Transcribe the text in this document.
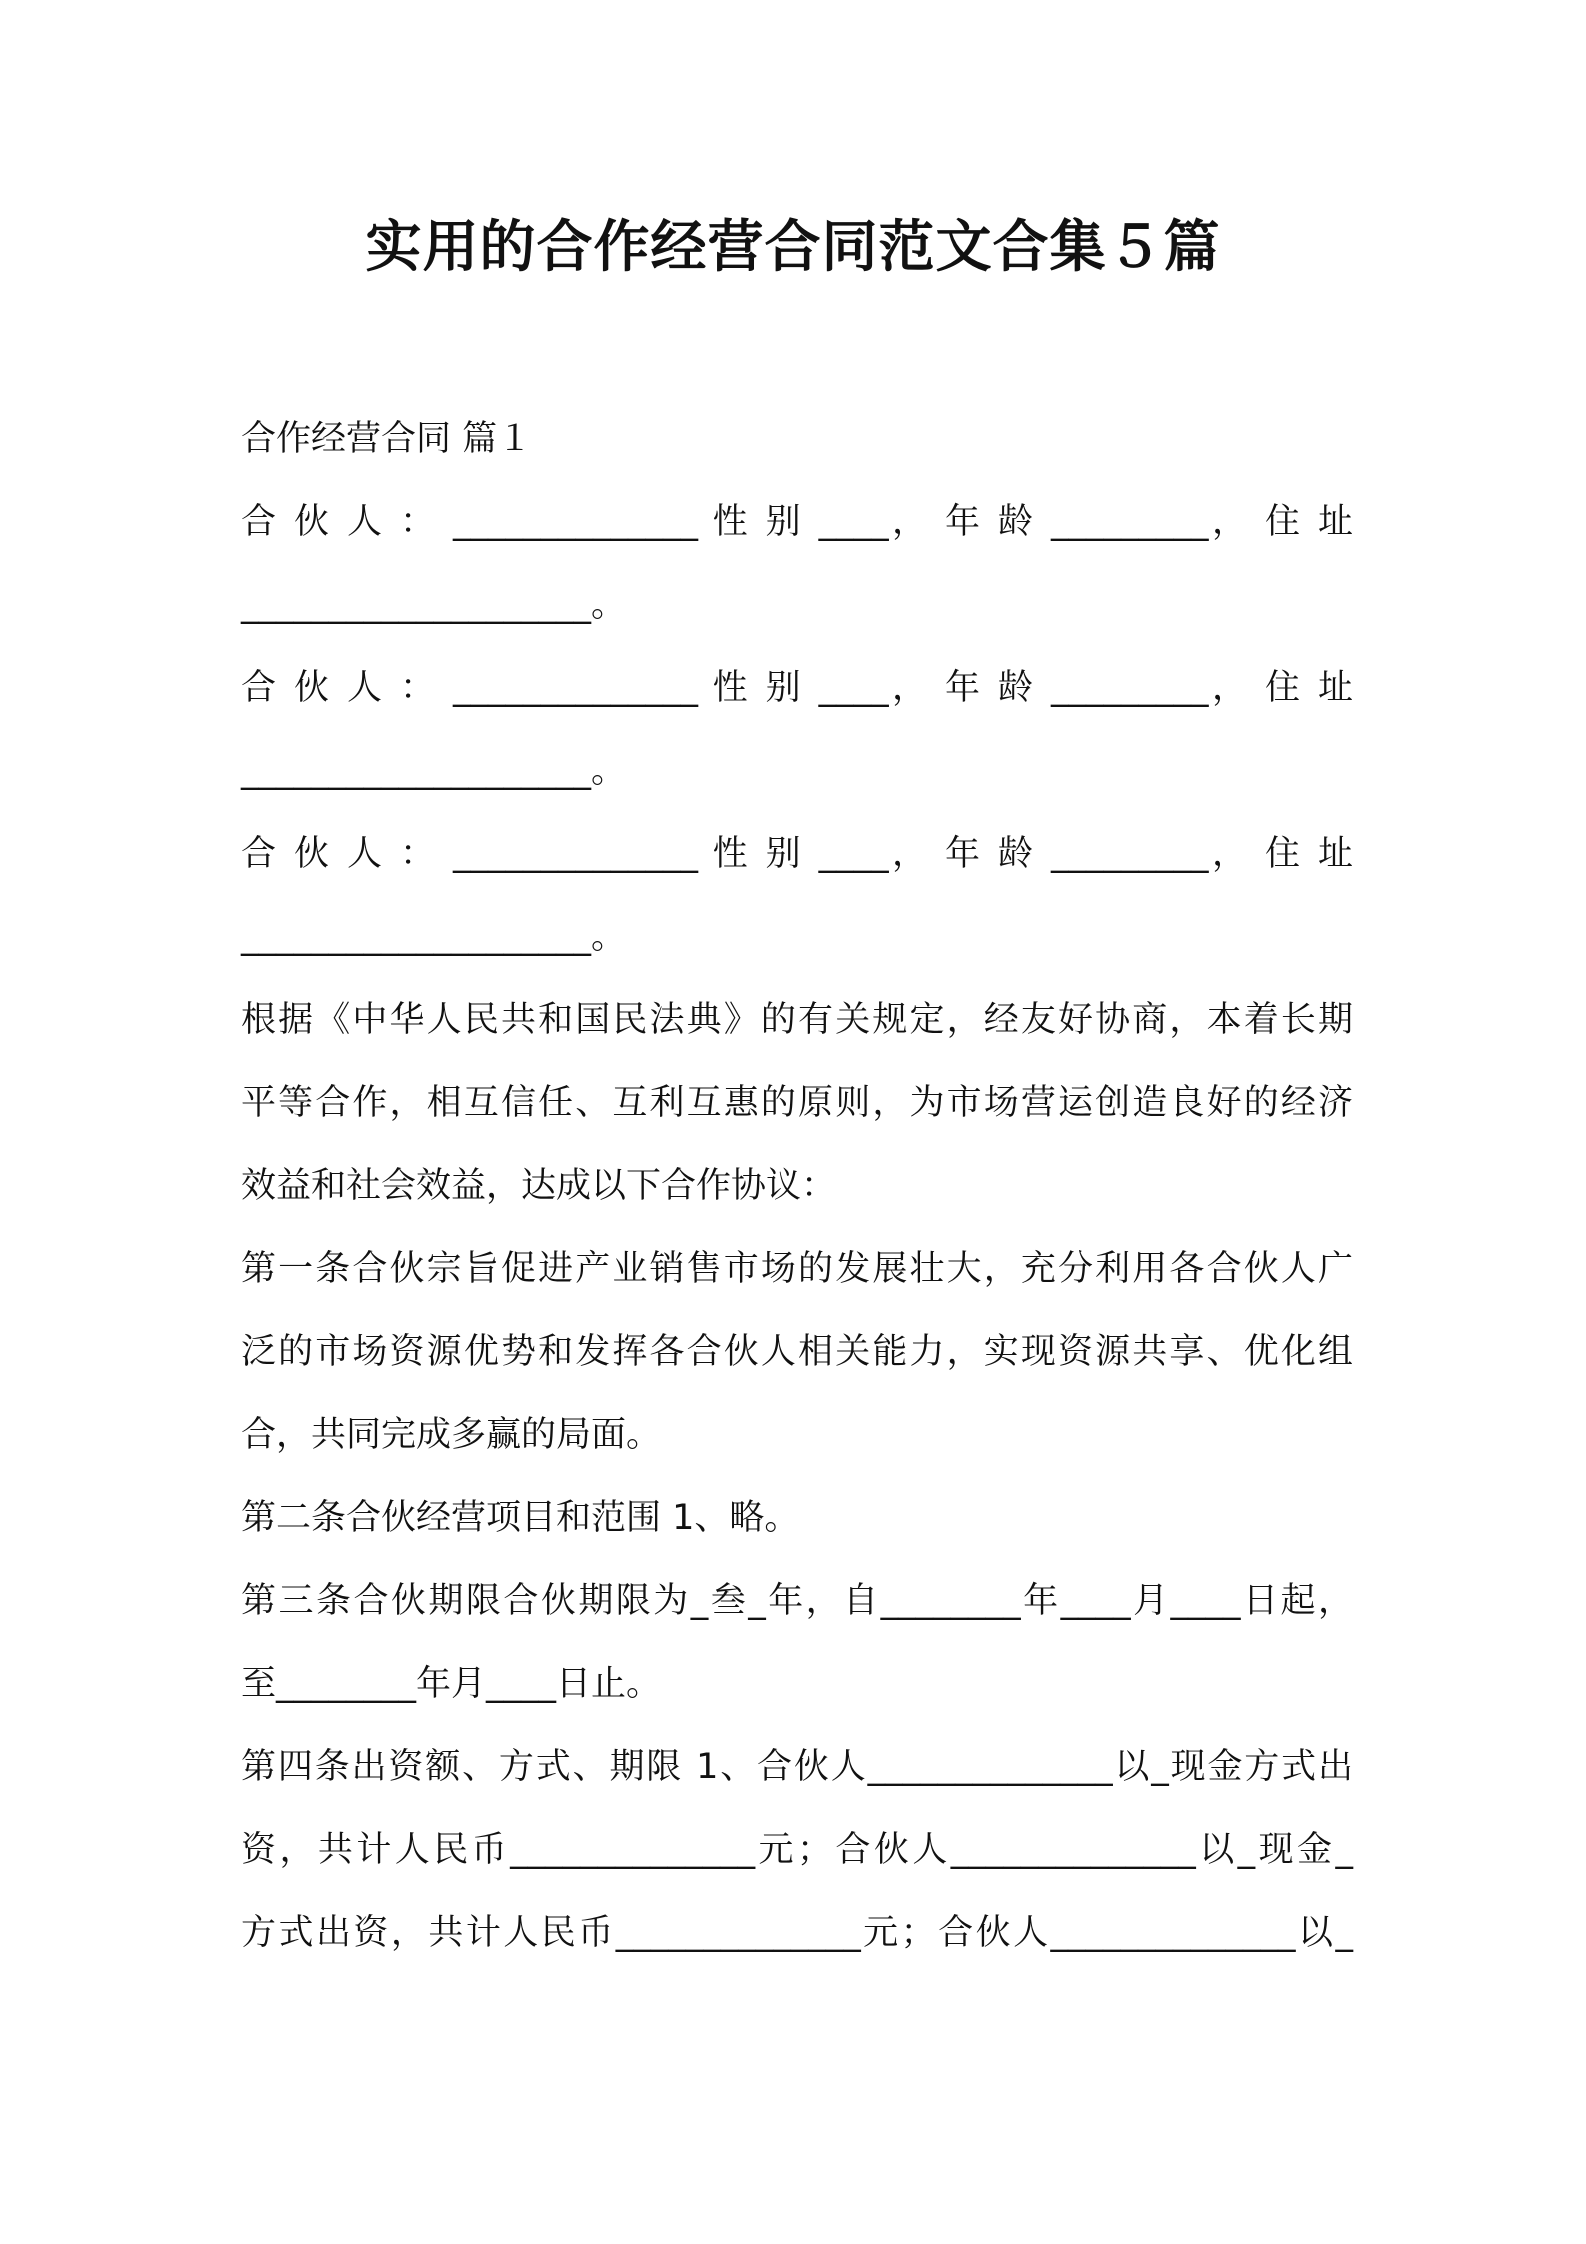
实用的合作经营合同范文合集５篇

合作经营合同 篇１

合 伙 人 ： ______________ 性 别 ____， 年 龄 _________， 住 址

____________________。

合 伙 人 ： ______________ 性 别 ____， 年 龄 _________， 住 址

____________________。

合 伙 人 ： ______________ 性 别 ____， 年 龄 _________， 住 址

____________________。

根据《中华人民共和国民法典》的有关规定，经友好协商，本着长期

平等合作，相互信任、互利互惠的原则，为市场营运创造良好的经济

效益和社会效益，达成以下合作协议：

第一条合伙宗旨促进产业销售市场的发展壮大，充分利用各合伙人广

泛的市场资源优势和发挥各合伙人相关能力，实现资源共享、优化组

合，共同完成多赢的局面。

第二条合伙经营项目和范围 1、略。

第三条合伙期限合伙期限为_叁_年，自________年____月____日起，

至________年月____日止。

第四条出资额、方式、期限 1、合伙人______________以_现金方式出

资，共计人民币______________元；合伙人______________以_现金_

方式出资，共计人民币______________元；合伙人______________以_
